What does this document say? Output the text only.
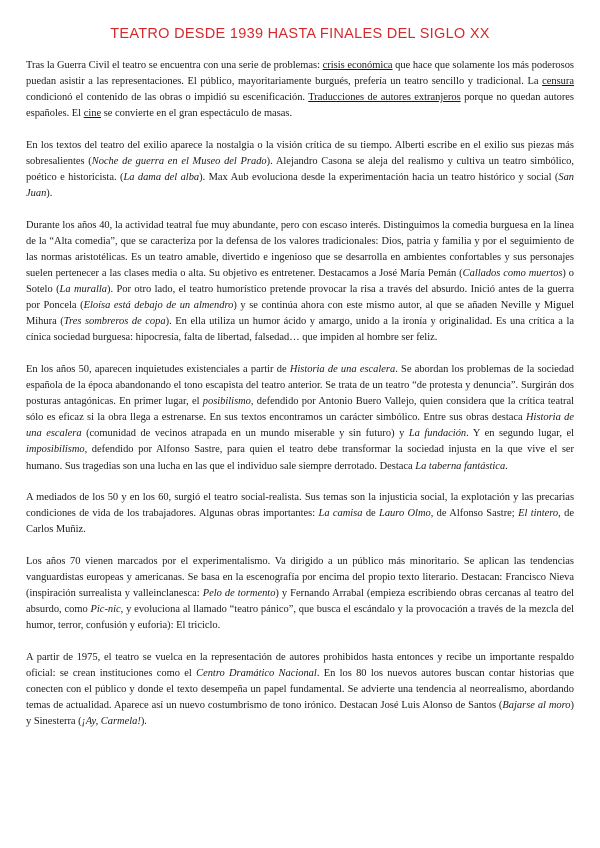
TEATRO DESDE 1939 HASTA FINALES DEL SIGLO XX

Tras la Guerra Civil el teatro se encuentra con una serie de problemas: crisis económica que hace que solamente los más poderosos puedan asistir a las representaciones. El público, mayoritariamente burgués, prefería un teatro sencillo y tradicional. La censura condicionó el contenido de las obras o impidió su escenificación. Traducciones de autores extranjeros porque no quedan autores españoles. El cine se convierte en el gran espectáculo de masas.

En los textos del teatro del exilio aparece la nostalgia o la visión crítica de su tiempo. Alberti escribe en el exilio sus piezas más sobresalientes (Noche de guerra en el Museo del Prado). Alejandro Casona se aleja del realismo y cultiva un teatro simbólico, poético e historicista. (La dama del alba). Max Aub evoluciona desde la experimentación hacia un teatro histórico y social (San Juan).

Durante los años 40, la actividad teatral fue muy abundante, pero con escaso interés. Distinguimos la comedia burguesa en la línea de la “Alta comedia”, que se caracteriza por la defensa de los valores tradicionales: Dios, patria y familia y por el seguimiento de las normas aristotélicas. Es un teatro amable, divertido e ingenioso que se desarrolla en ambientes confortables y sus personajes suelen pertenecer a las clases media o alta. Su objetivo es entretener. Destacamos a José María Pemán (Callados como muertos) o Sotelo (La muralla). Por otro lado, el teatro humorístico pretende provocar la risa a través del absurdo. Inició antes de la guerra por Poncela (Eloísa está debajo de un almendro) y se continúa ahora con este mismo autor, al que se añaden Neville y Miguel Mihura (Tres sombreros de copa). En ella utiliza un humor ácido y amargo, unido a la ironía y originalidad. Es una crítica a la cínica sociedad burguesa: hipocresía, falta de libertad, falsedad… que impiden al hombre ser feliz.

En los años 50, aparecen inquietudes existenciales a partir de Historia de una escalera. Se abordan los problemas de la sociedad española de la época abandonando el tono escapista del teatro anterior. Se trata de un teatro “de protesta y denuncia”. Surgirán dos posturas antagónicas. En primer lugar, el posibilismo, defendido por Antonio Buero Vallejo, quien considera que la crítica teatral sólo es eficaz si la obra llega a estrenarse. En sus textos encontramos un carácter simbólico. Entre sus obras destaca Historia de una escalera (comunidad de vecinos atrapada en un mundo miserable y sin futuro) y La fundación. Y en segundo lugar, el imposibilismo, defendido por Alfonso Sastre, para quien el teatro debe transformar la sociedad injusta en la que vive el ser humano. Sus tragedias son una lucha en las que el individuo sale siempre derrotado. Destaca La taberna fantástica.

A mediados de los 50 y en los 60, surgió el teatro social-realista. Sus temas son la injusticia social, la explotación y las precarias condiciones de vida de los trabajadores. Algunas obras importantes: La camisa de Lauro Olmo, de Alfonso Sastre; El tintero, de Carlos Muñiz.

Los años 70 vienen marcados por el experimentalismo. Va dirigido a un público más minoritario. Se aplican las tendencias vanguardistas europeas y americanas. Se basa en la escenografía por encima del propio texto literario. Destacan: Francisco Nieva (inspiración surrealista y valleinclanesca: Pelo de tormento) y Fernando Arrabal (empieza escribiendo obras cercanas al teatro del absurdo, como Pic-nic, y evoluciona al llamado “teatro pánico”, que busca el escándalo y la provocación a través de la mezcla del humor, terror, confusión y euforia): El triciclo.

A partir de 1975, el teatro se vuelca en la representación de autores prohibidos hasta entonces y recibe un importante respaldo oficial: se crean instituciones como el Centro Dramático Nacional. En los 80 los nuevos autores buscan contar historias que conecten con el público y donde el texto desempeña un papel fundamental. Se advierte una tendencia al neorrealismo, abordando temas de actualidad. Aparece así un nuevo costumbrismo de tono irónico. Destacan José Luis Alonso de Santos (Bajarse al moro) y Sinesterra (¡Ay, Carmela!).
